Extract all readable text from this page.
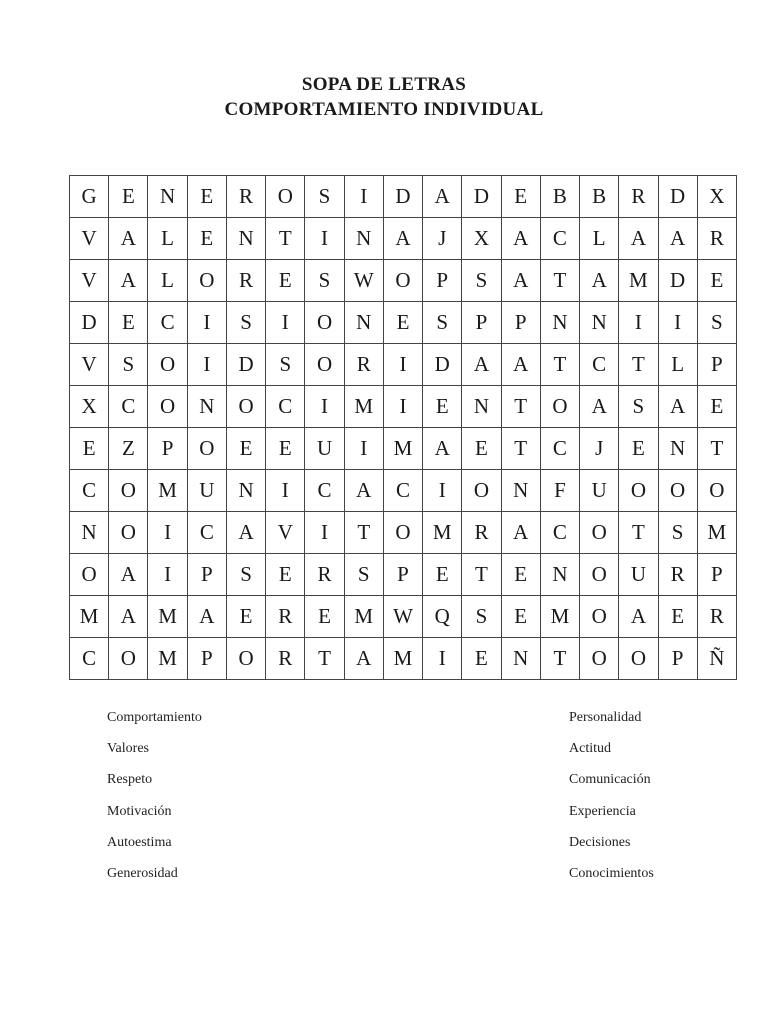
SOPA DE LETRAS
COMPORTAMIENTO INDIVIDUAL
G	E	N	E	R	O	S	I	D	A	D	E	B	B	R	D	X
V	A	L	E	N	T	I	N	A	J	X	A	C	L	A	A	R
V	A	L	O	R	E	S	W	O	P	S	A	T	A	M	D	E
D	E	C	I	S	I	O	N	E	S	P	P	N	N	I	I	S
V	S	O	I	D	S	O	R	I	D	A	A	T	C	T	L	P
X	C	O	N	O	C	I	M	I	E	N	T	O	A	S	A	E
E	Z	P	O	E	E	U	I	M	A	E	T	C	J	E	N	T
C	O	M	U	N	I	C	A	C	I	O	N	F	U	O	O	O
N	O	I	C	A	V	I	T	O	M	R	A	C	O	T	S	M
O	A	I	P	S	E	R	S	P	E	T	E	N	O	U	R	P
M	A	M	A	E	R	E	M	W	Q	S	E	M	O	A	E	R
C	O	M	P	O	R	T	A	M	I	E	N	T	O	O	P	Ñ
Comportamiento
Valores
Respeto
Motivación
Autoestima
Generosidad
Personalidad
Actitud
Comunicación
Experiencia
Decisiones
Conocimientos
